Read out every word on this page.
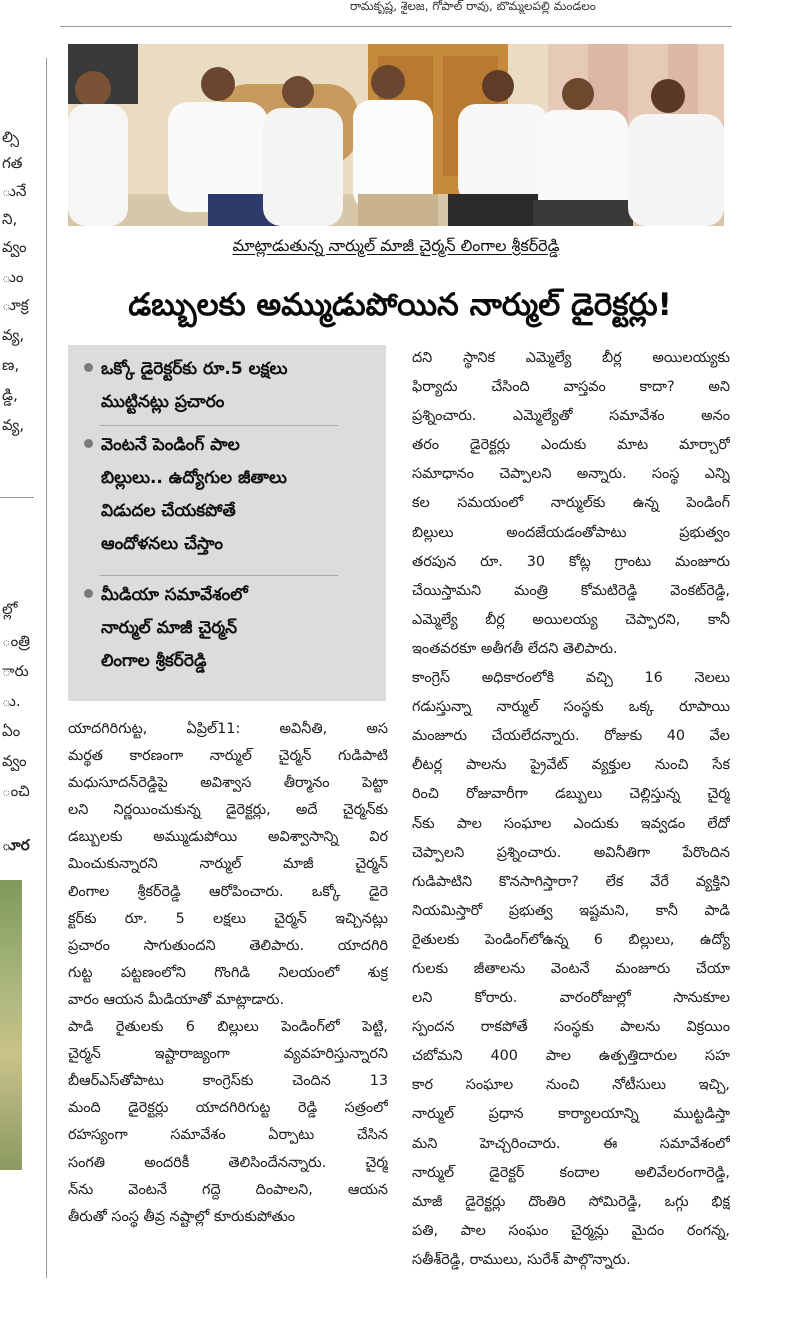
రామకృష్ణ, శైలజ, గోపాల్‌ రావు, బొమ్మలపల్లి మండలం
ల్సి
గత
ునే
ని,
వ్వం
ుం
ూక్ర
వ్య,
ణ,
డ్డి,
వ్య,
ల్లో
ంత్రి
ారు
ు.
ఏం
వ్వం
ంచి
ూర
మాట్లాడుతున్న నార్ముల్‌ మాజీ చైర్మన్‌ లింగాల శ్రీకర్‌రెడ్డి
డబ్బులకు అమ్ముడుపోయిన నార్ముల్‌ డైరెక్టర్లు!
ఒక్కో డైరెక్టర్‌కు రూ.5 లక్షలు
ముట్టినట్లు ప్రచారం
వెంటనే పెండింగ్‌ పాల
బిల్లులు.. ఉద్యోగుల జీతాలు
విడుదల చేయకపోతే
ఆందోళనలు చేస్తాం
మీడియా సమావేశంలో
నార్ముల్‌ మాజీ చైర్మన్‌
లింగాల శ్రీకర్‌రెడ్డి
యాదగిరిగుట్ట, ఏప్రిల్‌11: అవినీతి, అస
మర్థత కారణంగా నార్ముల్‌ చైర్మన్‌ గుడిపాటి
మధుసూదన్‌రెడ్డిపై అవిశ్వాస తీర్మానం పెట్టా
లని నిర్ణయించుకున్న డైరెక్టర్లు, అదే చైర్మన్‌కు
డబ్బులకు అమ్ముడుపోయి అవిశ్వాసాన్ని విర
మించుకున్నారని నార్ముల్‌ మాజీ చైర్మన్‌
లింగాల శ్రీకర్‌రెడ్డి ఆరోపించారు. ఒక్కో డైరె
క్టర్‌కు రూ. 5 లక్షలు చైర్మన్‌ ఇచ్చినట్లు
ప్రచారం సాగుతుందని తెలిపారు. యాదగిరి
గుట్ట పట్టణంలోని గొంగిడి నిలయంలో శుక్ర
వారం ఆయన మీడియాతో మాట్లాడారు.
పాడి రైతులకు 6 బిల్లులు పెండింగ్‌లో పెట్టి,
చైర్మన్‌ ఇష్టారాజ్యంగా వ్యవహరిస్తున్నారని
బీఆర్‌ఎస్‌తోపాటు కాంగ్రెస్‌కు చెందిన 13
మంది డైరెక్టర్లు యాదగిరిగుట్ట రెడ్డి సత్రంలో
రహస్యంగా సమావేశం ఏర్పాటు చేసిన
సంగతి అందరికీ తెలిసిందేనన్నారు. చైర్మ
న్‌ను వెంటనే గద్దె దింపాలని, ఆయన
తీరుతో సంస్థ తీవ్ర నష్టాల్లో కూరుకుపోతుం
దని స్థానిక ఎమ్మెల్యే బీర్ల అయిలయ్యకు
ఫిర్యాదు చేసింది వాస్తవం కాదా? అని
ప్రశ్నించారు. ఎమ్మెల్యేతో సమావేశం అనం
తరం డైరెక్టర్లు ఎందుకు మాట మార్చారో
సమాధానం చెప్పాలని అన్నారు. సంస్థ ఎన్ని
కల సమయంలో నార్ముల్‌కు ఉన్న పెండింగ్‌
బిల్లులు అందజేయడంతోపాటు ప్రభుత్వం
తరపున రూ. 30 కోట్ల గ్రాంటు మంజూరు
చేయిస్తామని మంత్రి కోమటిరెడ్డి వెంకట్‌రెడ్డి,
ఎమ్మెల్యే బీర్ల అయిలయ్య చెప్పారని, కానీ
ఇంతవరకూ అతీగతీ లేదని తెలిపారు.
కాంగ్రెస్‌ అధికారంలోకి వచ్చి 16 నెలలు
గడుస్తున్నా నార్ముల్‌ సంస్థకు ఒక్క రూపాయి
మంజూరు చేయలేదన్నారు. రోజుకు 40 వేల
లీటర్ల పాలను ప్రైవేట్‌ వ్యక్తుల నుంచి సేక
రించి రోజువారీగా డబ్బులు చెల్లిస్తున్న చైర్మ
న్‌కు పాల సంఘాల ఎందుకు ఇవ్వడం లేదో
చెప్పాలని ప్రశ్నించారు. అవినీతిగా పేరొందిన
గుడిపాటిని కొనసాగిస్తారా? లేక వేరే వ్యక్తిని
నియమిస్తారో ప్రభుత్వ ఇష్టమని, కానీ పాడి
రైతులకు పెండింగ్‌లోఉన్న 6 బిల్లులు, ఉద్యో
గులకు జీతాలను వెంటనే మంజూరు చేయా
లని కోరారు. వారంరోజుల్లో సానుకూల
స్పందన రాకపోతే సంస్థకు పాలను విక్రయిం
చబోమని 400 పాల ఉత్పత్తిదారుల సహ
కార సంఘాల నుంచి నోటీసులు ఇచ్చి,
నార్ముల్‌ ప్రధాన కార్యాలయాన్ని ముట్టడిస్తా
మని హెచ్చరించారు. ఈ సమావేశంలో
నార్ముల్‌ డైరెక్టర్‌ కందాల అలివేలరంగారెడ్డి,
మాజీ డైరెక్టర్లు దొంతిరి సోమిరెడ్డి, ఒగ్గు భిక్ష
పతి, పాల సంఘం చైర్మన్లు మైదం రంగన్న,
సతీశ్‌రెడ్డి, రాములు, సురేశ్‌ పాల్గొన్నారు.
